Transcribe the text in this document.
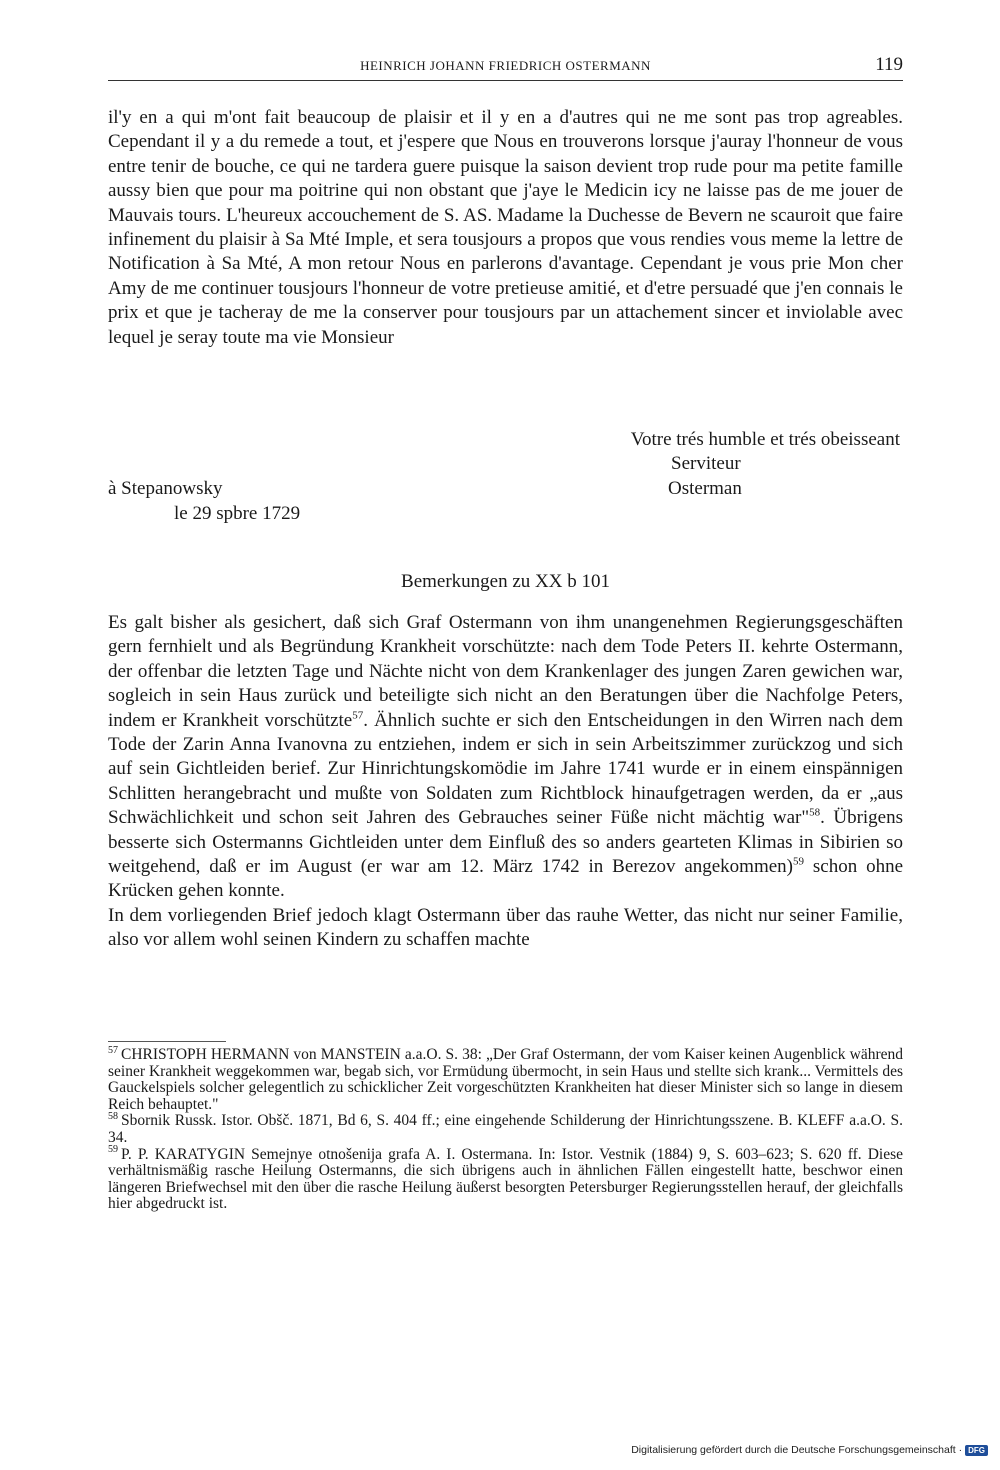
HEINRICH JOHANN FRIEDRICH OSTERMANN	119

il'y en a qui m'ont fait beaucoup de plaisir et il y en a d'autres qui ne me sont pas trop agreables. Cependant il y a du remede a tout, et j'espere que Nous en trouverons lorsque j'auray l'honneur de vous entre tenir de bouche, ce qui ne tardera guere puisque la saison devient trop rude pour ma petite famille aussy bien que pour ma poitrine qui non obstant que j'aye le Medicin icy ne laisse pas de me jouer de Mauvais tours. L'heureux accouchement de S. AS. Madame la Duchesse de Bevern ne scauroit que faire infinement du plaisir à Sa Mté Imple, et sera tousjours a propos que vous rendies vous meme la lettre de Notification à Sa Mté, A mon retour Nous en parlerons d'avantage. Cependant je vous prie Mon cher Amy de me continuer tousjours l'honneur de votre pretieuse amitié, et d'etre persuadé que j'en connais le prix et que je tacheray de me la conserver pour tousjours par un attachement sincer et inviolable avec lequel je seray toute ma vie Monsieur

Votre trés humble et trés obeisseant
Serviteur
Osterman
à Stepanowsky
le 29 spbre 1729
Bemerkungen zu XX b 101

Es galt bisher als gesichert, daß sich Graf Ostermann von ihm unangenehmen Regierungsgeschäften gern fernhielt und als Begründung Krankheit vorschützte: nach dem Tode Peters II. kehrte Ostermann, der offenbar die letzten Tage und Nächte nicht von dem Krankenlager des jungen Zaren gewichen war, sogleich in sein Haus zurück und beteiligte sich nicht an den Beratungen über die Nachfolge Peters, indem er Krankheit vorschützte$^{57}$. Ähnlich suchte er sich den Entscheidungen in den Wirren nach dem Tode der Zarin Anna Ivanovna zu entziehen, indem er sich in sein Arbeitszimmer zurückzog und sich auf sein Gichtleiden berief. Zur Hinrichtungskomödie im Jahre 1741 wurde er in einem einspännigen Schlitten herangebracht und mußte von Soldaten zum Richtblock hinaufgetragen werden, da er „aus Schwächlichkeit und schon seit Jahren des Gebrauches seiner Füße nicht mächtig war"$^{58}$. Übrigens besserte sich Ostermanns Gichtleiden unter dem Einfluß des so anders gearteten Klimas in Sibirien so weitgehend, daß er im August (er war am 12. März 1742 in Berezov angekommen)$^{59}$ schon ohne Krücken gehen konnte.

In dem vorliegenden Brief jedoch klagt Ostermann über das rauhe Wetter, das nicht nur seiner Familie, also vor allem wohl seinen Kindern zu schaffen machte

$^{57}$ CHRISTOPH HERMANN von MANSTEIN a.a.O. S. 38: „Der Graf Ostermann, der vom Kaiser keinen Augenblick während seiner Krankheit weggekommen war, begab sich, vor Ermüdung übermocht, in sein Haus und stellte sich krank... Vermittels des Gauckelspiels solcher gelegentlich zu schicklicher Zeit vorgeschützten Krankheiten hat dieser Minister sich so lange in diesem Reich behauptet."

$^{58}$ Sbornik Russk. Istor. Obšč. 1871, Bd 6, S. 404 ff.; eine eingehende Schilderung der Hinrichtungsszene. B. KLEFF a.a.O. S. 34.

$^{59}$ P. P. KARATYGIN Semejnye otnošenija grafa A. I. Ostermana. In: Istor. Vestnik (1884) 9, S. 603–623; S. 620 ff. Diese verhältnismäßig rasche Heilung Ostermanns, die sich übrigens auch in ähnlichen Fällen eingestellt hatte, beschwor einen längeren Briefwechsel mit den über die rasche Heilung äußerst besorgten Petersburger Regierungsstellen herauf, der gleichfalls hier abgedruckt ist.

Digitalisierung gefördert durch die Deutsche Forschungsgemeinschaft · DFG
